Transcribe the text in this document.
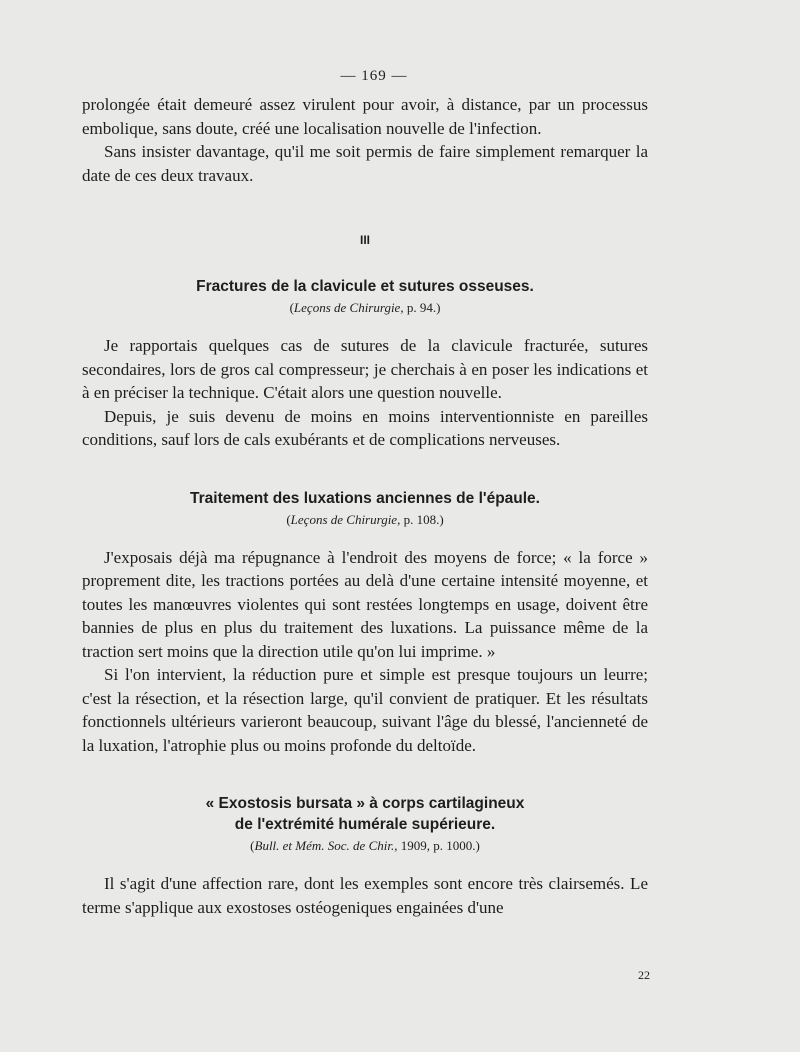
— 169 —

prolongée était demeuré assez virulent pour avoir, à distance, par un processus embolique, sans doute, créé une localisation nouvelle de l'infection.

Sans insister davantage, qu'il me soit permis de faire simplement remarquer la date de ces deux travaux.

III
Fractures de la clavicule et sutures osseuses.
(Leçons de Chirurgie, p. 94.)

Je rapportais quelques cas de sutures de la clavicule fracturée, sutures secondaires, lors de gros cal compresseur; je cherchais à en poser les indications et à en préciser la technique. C'était alors une question nouvelle.

Depuis, je suis devenu de moins en moins interventionniste en pareilles conditions, sauf lors de cals exubérants et de complications nerveuses.

Traitement des luxations anciennes de l'épaule.
(Leçons de Chirurgie, p. 108.)

J'exposais déjà ma répugnance à l'endroit des moyens de force; « la force » proprement dite, les tractions portées au delà d'une certaine intensité moyenne, et toutes les manœuvres violentes qui sont restées longtemps en usage, doivent être bannies de plus en plus du traitement des luxations. La puissance même de la traction sert moins que la direction utile qu'on lui imprime. »

Si l'on intervient, la réduction pure et simple est presque toujours un leurre; c'est la résection, et la résection large, qu'il convient de pratiquer. Et les résultats fonctionnels ultérieurs varieront beaucoup, suivant l'âge du blessé, l'ancienneté de la luxation, l'atrophie plus ou moins profonde du deltoïde.

« Exostosis bursata » à corps cartilagineux
de l'extrémité humérale supérieure.
(Bull. et Mém. Soc. de Chir., 1909, p. 1000.)

Il s'agit d'une affection rare, dont les exemples sont encore très clairsemés. Le terme s'applique aux exostoses ostéogeniques engainées d'une

22
